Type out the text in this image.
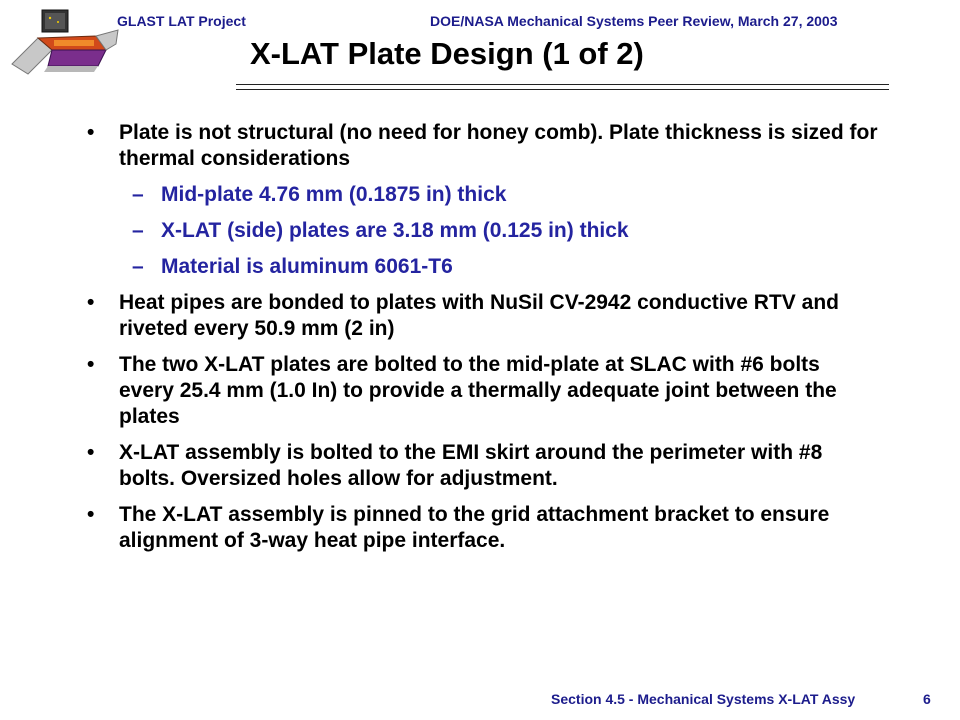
GLAST LAT Project	DOE/NASA Mechanical Systems Peer Review, March 27, 2003
X-LAT Plate Design (1 of 2)
• Plate is not structural (no need for honey comb). Plate thickness is sized for thermal considerations
– Mid-plate 4.76 mm (0.1875 in) thick
– X-LAT (side) plates are 3.18 mm (0.125 in) thick
– Material is aluminum 6061-T6
• Heat pipes are bonded to plates with NuSil CV-2942 conductive RTV and riveted every 50.9 mm (2 in)
• The two X-LAT plates are bolted to the mid-plate at SLAC with #6 bolts every 25.4 mm (1.0 In) to provide a thermally adequate joint between the plates
• X-LAT assembly is bolted to the EMI skirt around the perimeter with #8 bolts. Oversized holes allow for adjustment.
• The X-LAT assembly is pinned to the grid attachment bracket to ensure alignment of 3-way heat pipe interface.
Section 4.5 - Mechanical Systems X-LAT Assy	6
